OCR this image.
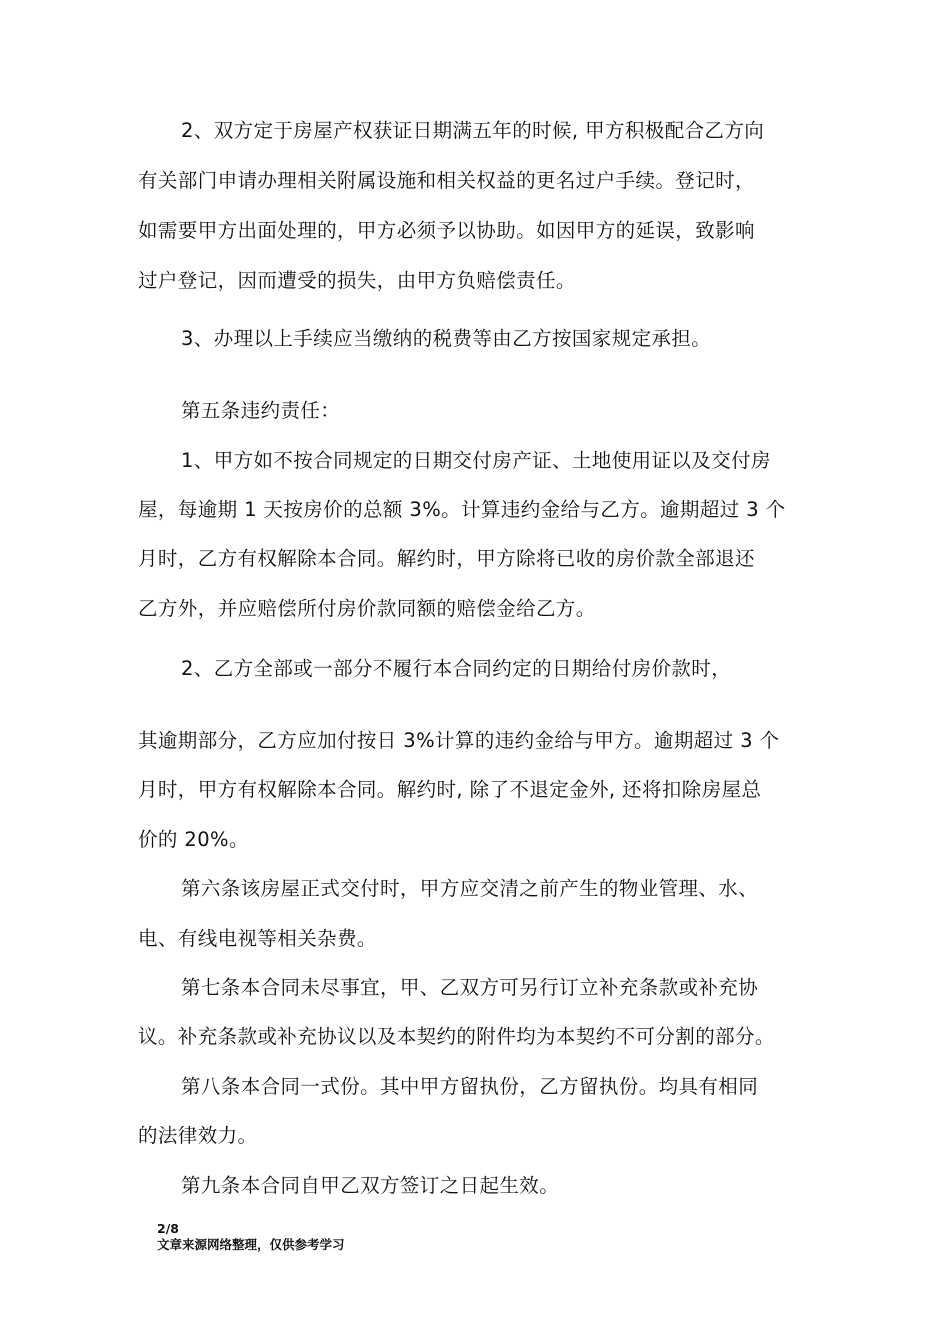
2、双方定于房屋产权获证日期满五年的时候, 甲方积极配合乙方向
有关部门申请办理相关附属设施和相关权益的更名过户手续。登记时，
如需要甲方出面处理的，甲方必须予以协助。如因甲方的延误，致影响
过户登记，因而遭受的损失，由甲方负赔偿责任。
3、办理以上手续应当缴纳的税费等由乙方按国家规定承担。
第五条违约责任：
1、甲方如不按合同规定的日期交付房产证、土地使用证以及交付房
屋，每逾期 1 天按房价的总额 3%。计算违约金给与乙方。逾期超过 3 个
月时，乙方有权解除本合同。解约时，甲方除将已收的房价款全部退还
乙方外，并应赔偿所付房价款同额的赔偿金给乙方。
2、乙方全部或一部分不履行本合同约定的日期给付房价款时，
其逾期部分，乙方应加付按日 3%计算的违约金给与甲方。逾期超过 3 个
月时，甲方有权解除本合同。解约时, 除了不退定金外, 还将扣除房屋总
价的 20%。
第六条该房屋正式交付时，甲方应交清之前产生的物业管理、水、
电、有线电视等相关杂费。
第七条本合同未尽事宜，甲、乙双方可另行订立补充条款或补充协
议。补充条款或补充协议以及本契约的附件均为本契约不可分割的部分。
第八条本合同一式份。其中甲方留执份，乙方留执份。均具有相同
的法律效力。
第九条本合同自甲乙双方签订之日起生效。
2/8
文章来源网络整理，仅供参考学习
